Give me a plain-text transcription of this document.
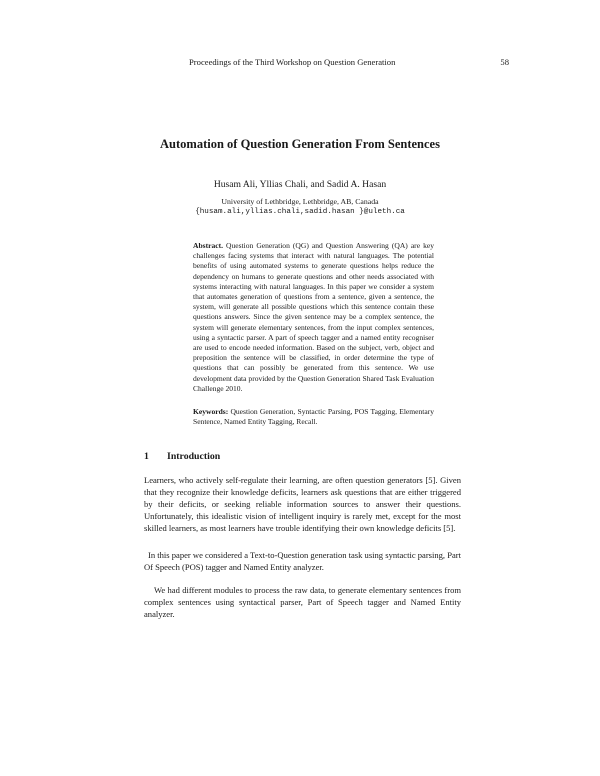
Proceedings of the Third Workshop on Question Generation	58
Automation of Question Generation From Sentences
Husam Ali, Yllias Chali, and Sadid A. Hasan
University of Lethbridge, Lethbridge, AB, Canada
{husam.ali,yllias.chali,sadid.hasan }@uleth.ca

Abstract. Question Generation (QG) and Question Answering (QA) are key challenges facing systems that interact with natural languages. The potential benefits of using automated systems to generate questions helps reduce the dependency on humans to generate questions and other needs associated with systems interacting with natural languages. In this paper we consider a system that automates generation of questions from a sentence, given a sentence, the system, will generate all possible questions which this sentence contain these questions answers. Since the given sentence may be a complex sentence, the system will generate elementary sentences, from the input complex sentences, using a syntactic parser. A part of speech tagger and a named entity recogniser are used to encode needed information. Based on the subject, verb, object and preposition the sentence will be classified, in order determine the type of questions that can possibly be generated from this sentence. We use development data provided by the Question Generation Shared Task Evaluation Challenge 2010.

Keywords: Question Generation, Syntactic Parsing, POS Tagging, Elementary Sentence, Named Entity Tagging, Recall.

1 Introduction

Learners, who actively self-regulate their learning, are often question generators [5]. Given that they recognize their knowledge deficits, learners ask questions that are either triggered by their deficits, or seeking reliable information sources to answer their questions. Unfortunately, this idealistic vision of intelligent inquiry is rarely met, except for the most skilled learners, as most learners have trouble identifying their own knowledge deficits [5].

In this paper we considered a Text-to-Question generation task using syntactic parsing, Part Of Speech (POS) tagger and Named Entity analyzer.

We had different modules to process the raw data, to generate elementary sentences from complex sentences using syntactical parser, Part of Speech tagger and Named Entity analyzer.
